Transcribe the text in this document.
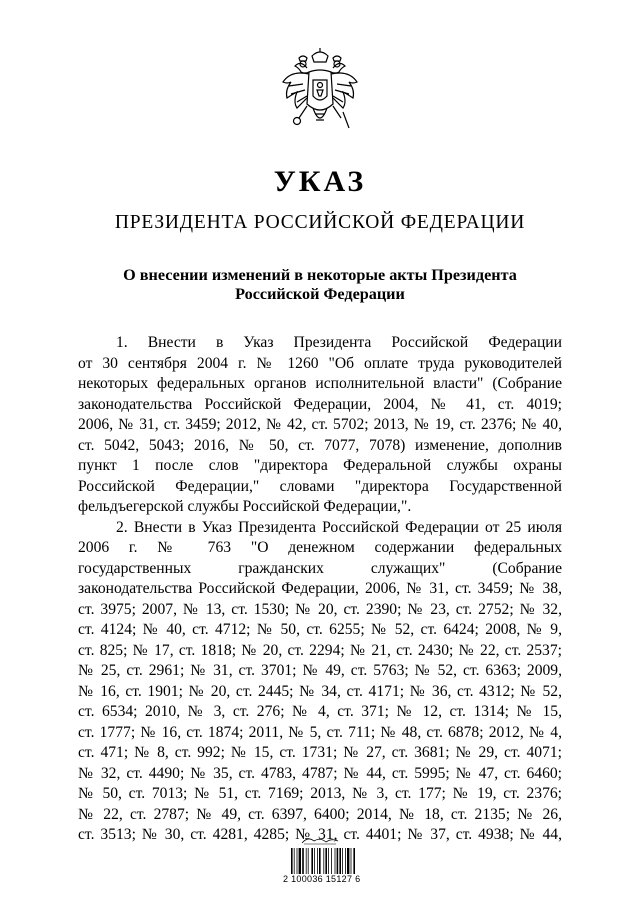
УКАЗ
ПРЕЗИДЕНТА РОССИЙСКОЙ ФЕДЕРАЦИИ
О внесении изменений в некоторые акты Президента
Российской Федерации
1. Внести в Указ Президента Российской Федерации
от 30 сентября 2004 г. № 1260 "Об оплате труда руководителей
некоторых федеральных органов исполнительной власти" (Собрание
законодательства Российской Федерации, 2004, № 41, ст. 4019;
2006, № 31, ст. 3459; 2012, № 42, ст. 5702; 2013, № 19, ст. 2376; № 40,
ст. 5042, 5043; 2016, № 50, ст. 7077, 7078) изменение, дополнив
пункт 1 после слов "директора Федеральной службы охраны
Российской Федерации," словами "директора Государственной
фельдъегерской службы Российской Федерации,".
2. Внести в Указ Президента Российской Федерации от 25 июля
2006 г. № 763 "О денежном содержании федеральных
государственных гражданских служащих" (Собрание
законодательства Российской Федерации, 2006, № 31, ст. 3459; № 38,
ст. 3975; 2007, № 13, ст. 1530; № 20, ст. 2390; № 23, ст. 2752; № 32,
ст. 4124; № 40, ст. 4712; № 50, ст. 6255; № 52, ст. 6424; 2008, № 9,
ст. 825; № 17, ст. 1818; № 20, ст. 2294; № 21, ст. 2430; № 22, ст. 2537;
№ 25, ст. 2961; № 31, ст. 3701; № 49, ст. 5763; № 52, ст. 6363; 2009,
№ 16, ст. 1901; № 20, ст. 2445; № 34, ст. 4171; № 36, ст. 4312; № 52,
ст. 6534; 2010, № 3, ст. 276; № 4, ст. 371; № 12, ст. 1314; № 15,
ст. 1777; № 16, ст. 1874; 2011, № 5, ст. 711; № 48, ст. 6878; 2012, № 4,
ст. 471; № 8, ст. 992; № 15, ст. 1731; № 27, ст. 3681; № 29, ст. 4071;
№ 32, ст. 4490; № 35, ст. 4783, 4787; № 44, ст. 5995; № 47, ст. 6460;
№ 50, ст. 7013; № 51, ст. 7169; 2013, № 3, ст. 177; № 19, ст. 2376;
№ 22, ст. 2787; № 49, ст. 6397, 6400; 2014, № 18, ст. 2135; № 26,
ст. 3513; № 30, ст. 4281, 4285; № 31, ст. 4401; № 37, ст. 4938; № 44,
2 100036 15127 6
